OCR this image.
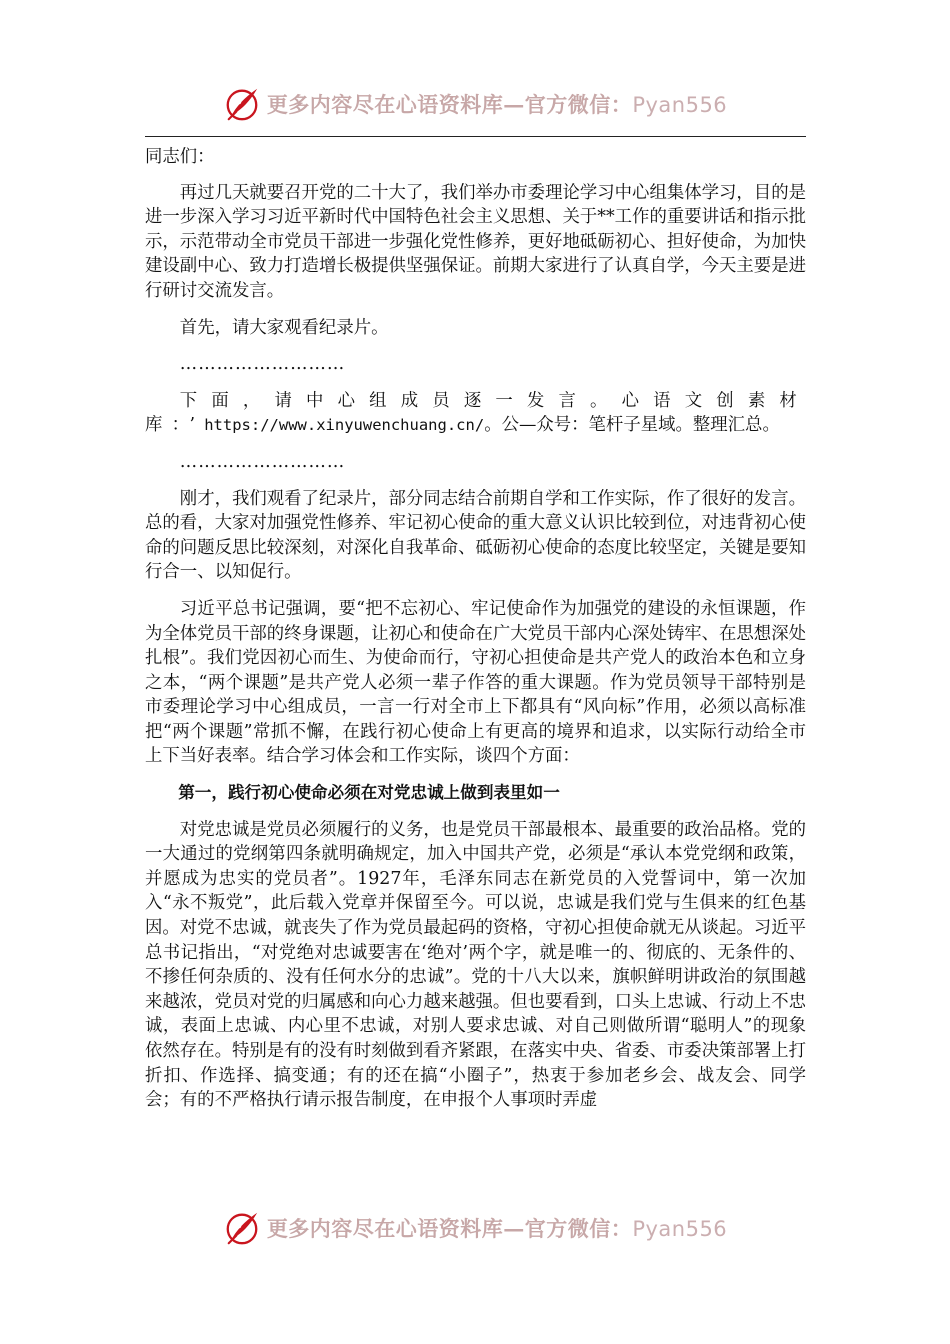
更多内容尽在心语资料库—官方微信：Pyan556

同志们：

再过几天就要召开党的二十大了，我们举办市委理论学习中心组集体学习，目的是进一步深入学习习近平新时代中国特色社会主义思想、关于**工作的重要讲话和指示批示，示范带动全市党员干部进一步强化党性修养，更好地砥砺初心、担好使命，为加快建设副中心、致力打造增长极提供坚强保证。前期大家进行了认真自学，今天主要是进行研讨交流发言。

首先，请大家观看纪录片。

………………………

下面，请中心组成员逐一发言。心语文创素材库：’https://www.xinyuwenchuang.cn/。公—众号：笔杆子星域。整理汇总。

………………………

刚才，我们观看了纪录片，部分同志结合前期自学和工作实际，作了很好的发言。总的看，大家对加强党性修养、牢记初心使命的重大意义认识比较到位，对违背初心使命的问题反思比较深刻，对深化自我革命、砥砺初心使命的态度比较坚定，关键是要知行合一、以知促行。

习近平总书记强调，要“把不忘初心、牢记使命作为加强党的建设的永恒课题，作为全体党员干部的终身课题，让初心和使命在广大党员干部内心深处铸牢、在思想深处扎根”。我们党因初心而生、为使命而行，守初心担使命是共产党人的政治本色和立身之本，“两个课题”是共产党人必须一辈子作答的重大课题。作为党员领导干部特别是市委理论学习中心组成员，一言一行对全市上下都具有“风向标”作用，必须以高标准把“两个课题”常抓不懈，在践行初心使命上有更高的境界和追求，以实际行动给全市上下当好表率。结合学习体会和工作实际，谈四个方面：

第一，践行初心使命必须在对党忠诚上做到表里如一

对党忠诚是党员必须履行的义务，也是党员干部最根本、最重要的政治品格。党的一大通过的党纲第四条就明确规定，加入中国共产党，必须是“承认本党党纲和政策，并愿成为忠实的党员者”。1927年，毛泽东同志在新党员的入党誓词中，第一次加入“永不叛党”，此后载入党章并保留至今。可以说，忠诚是我们党与生俱来的红色基因。对党不忠诚，就丧失了作为党员最起码的资格，守初心担使命就无从谈起。习近平总书记指出，“对党绝对忠诚要害在‘绝对’两个字，就是唯一的、彻底的、无条件的、不掺任何杂质的、没有任何水分的忠诚”。党的十八大以来，旗帜鲜明讲政治的氛围越来越浓，党员对党的归属感和向心力越来越强。但也要看到，口头上忠诚、行动上不忠诚，表面上忠诚、内心里不忠诚，对别人要求忠诚、对自己则做所谓“聪明人”的现象依然存在。特别是有的没有时刻做到看齐紧跟，在落实中央、省委、市委决策部署上打折扣、作选择、搞变通；有的还在搞“小圈子”，热衷于参加老乡会、战友会、同学会；有的不严格执行请示报告制度，在申报个人事项时弄虚

更多内容尽在心语资料库—官方微信：Pyan556
